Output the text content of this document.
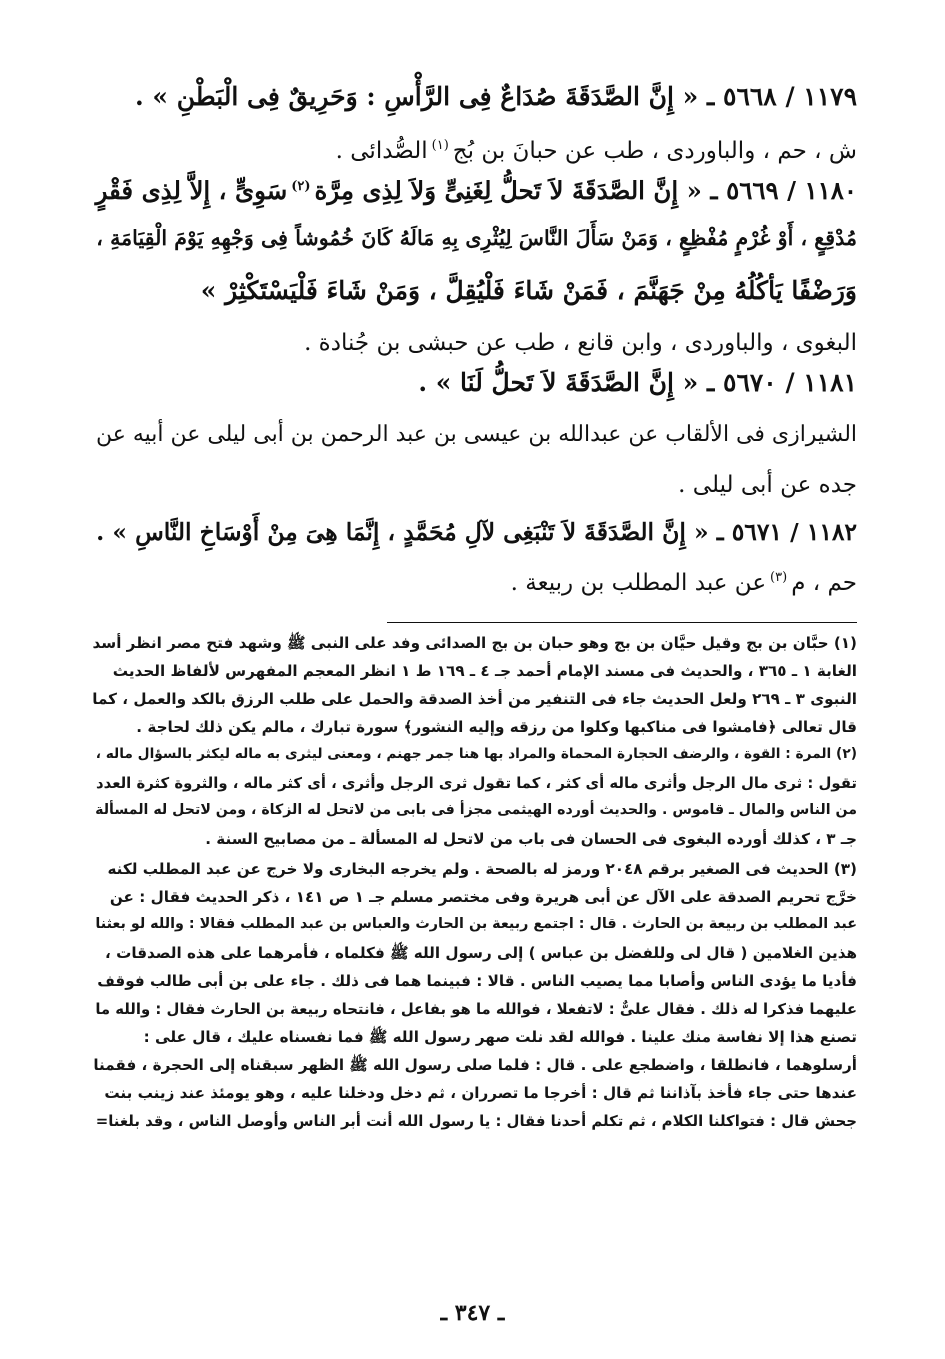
١١٧٩ / ٥٦٦٨ ـ « إِنَّ الصَّدَقَةَ صُدَاعٌ فِى الرَّأْسِ : وَحَرِيقٌ فِى الْبَطْنِ » .
ش ، حم ، والباوردى ، طب عن حبانَ بن بُج$^{(١)}$الصُّدائى .
١١٨٠ / ٥٦٦٩ ـ « إِنَّ الصَّدَقَةَ لاَ تَحلُّ لِغَنِىٍّ وَلاَ لِذِى مِرَّة$^{(٢)}$سَوِىٍّ ، إِلاَّ لِذِى فَقْرٍ
مُدْقِعٍ ، أَوْ غُرْمٍ مُفْظِعٍ ، وَمَنْ سَأَلَ النَّاسَ لِيُثْرِى بِهِ مَالَهُ كَانَ خُمُوشاً فِى وَجْهِهِ يَوْمَ الْقِيَامَةِ ،
وَرَضْفًا يَأكُلُهُ مِنْ جَهَنَّمَ ، فَمَنْ شَاءَ فَلْيُقِلَّ ، وَمَنْ شَاءَ فَلْيَسْتَكْثِرْ »
البغوى ، والباوردى ، وابن قانع ، طب عن حبشى بن جُنادة .
١١٨١ / ٥٦٧٠ ـ « إِنَّ الصَّدَقَةَ لاَ تَحلُّ لَنَا » .
الشيرازى فى الألقاب عن عبدالله بن عيسى بن عبد الرحمن بن أبى ليلى عن أبيه عن
جده عن أبى ليلى .
١١٨٢ / ٥٦٧١ ـ « إِنَّ الصَّدَقَةَ لاَ تَنْبَغِى لآلِ مُحَمَّدٍ ، إِنَّمَا هِىَ مِنْ أَوْسَاخِ النَّاسِ » .
حم ، م$^{(٣)}$عن عبد المطلب بن ربيعة .
(١) حبَّان بن بج وقيل حيَّان بن بج وهو حبان بن بج الصدائى وفد على النبى ﷺ وشهد فتح مصر انظر أسد
الغابة ١ ـ ٣٦٥ ، والحديث فى مسند الإمام أحمد جـ ٤ ـ ١٦٩ ط ١ انظر المعجم المفهرس لألفاظ الحديث
النبوى ٣ ـ ٢٦٩ ولعل الحديث جاء فى التنفير من أخذ الصدقة والحمل على طلب الرزق بالكد والعمل ، كما
قال تعالى ﴿فامشوا فى مناكبها وكلوا من رزقه وإليه النشور﴾ سورة تبارك ، مالم يكن ذلك لحاجة .
(٢) المرة : القوة ، والرضف الحجارة المحماة والمراد بها هنا جمر جهنم ، ومعنى ليثرى به ماله ليكثر بالسؤال ماله ،
تقول : ثرى مال الرجل وأثرى ماله أى كثر ، كما تقول ثرى الرجل وأثرى ، أى كثر ماله ، والثروة كثرة العدد
من الناس والمال ـ قاموس . والحديث أورده الهيثمى مجزأ فى بابى من لاتحل له الزكاة ، ومن لاتحل له المسألة
جـ ٣ ، كذلك أورده البغوى فى الحسان فى باب من لاتحل له المسألة ـ من مصابيح السنة .
(٣) الحديث فى الصغير برقم ٢٠٤٨ ورمز له بالصحة . ولم يخرجه البخارى ولا خرج عن عبد المطلب لكنه
خرَّج تحريم الصدقة على الآل عن أبى هريرة وفى مختصر مسلم جـ ١ ص ١٤١ ، ذكر الحديث فقال : عن
عبد المطلب بن ربيعة بن الحارث . قال : اجتمع ربيعة بن الحارث والعباس بن عبد المطلب فقالا : والله لو بعثنا
هذين الغلامين ( قال لى وللفضل بن عباس ) إلى رسول الله ﷺ فكلماه ، فأمرهما على هذه الصدقات ،
فأديا ما يؤدى الناس وأصابا مما يصيب الناس . قالا : فبينما هما فى ذلك . جاء على بن أبى طالب فوقف
عليهما فذكرا له ذلك . فقال علىٌّ : لاتفعلا ، فوالله ما هو بفاعل ، فانتحاه ربيعة بن الحارث فقال : والله ما
تصنع هذا إلا نفاسة منك علينا . فوالله لقد نلت صهر رسول الله ﷺ فما نفسناه عليك ، قال على :
أرسلوهما ، فانطلقا ، واضطجع على . قال : فلما صلى رسول الله ﷺ الظهر سبقناه إلى الحجرة ، فقمنا
عندها حتى جاء فأخذ بآذاننا ثم قال : أخرجا ما تصرران ، ثم دخل ودخلنا عليه ، وهو يومئذ عند زينب بنت
جحش قال : فتواكلنا الكلام ، ثم تكلم أحدنا فقال : يا رسول الله أنت أبر الناس وأوصل الناس ، وقد بلغنا=
ـ ٣٤٧ ـ
